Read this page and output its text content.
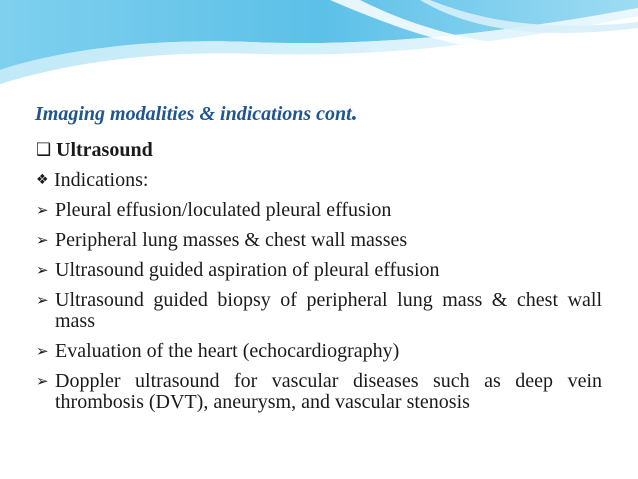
Imaging modalities & indications cont.
❑ Ultrasound
❖ Indications:
➢ Pleural effusion/loculated pleural effusion
➢ Peripheral lung masses & chest wall masses
➢ Ultrasound guided aspiration of pleural effusion
➢ Ultrasound guided biopsy of peripheral lung mass & chest wall mass
➢ Evaluation of the heart (echocardiography)
➢ Doppler ultrasound for vascular diseases such as deep vein thrombosis (DVT), aneurysm, and vascular stenosis
